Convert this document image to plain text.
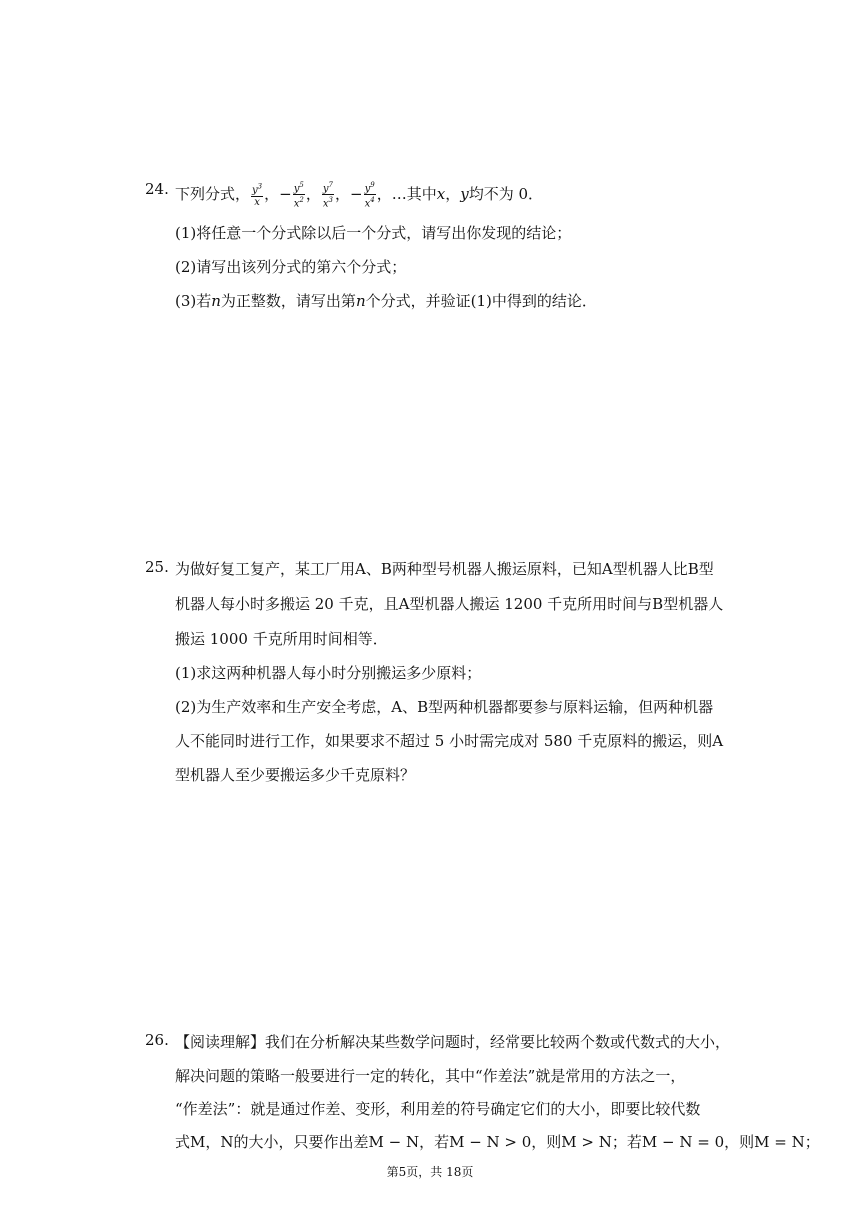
24. 下列分式， $\frac{y^3}{x}$ ，− $\frac{y^5}{x^2}$ ， $\frac{y^7}{x^3}$ ，− $\frac{y^9}{x^4}$ ，…其中x，y均不为 0．
(1)将任意一个分式除以后一个分式，请写出你发现的结论；
(2)请写出该列分式的第六个分式；
(3)若n为正整数，请写出第n个分式，并验证(1)中得到的结论．
25. 为做好复工复产，某工厂用A、B两种型号机器人搬运原料，已知A型机器人比B型
机器人每小时多搬运 20 千克，且A型机器人搬运 1200 千克所用时间与B型机器人
搬运 1000 千克所用时间相等．
(1)求这两种机器人每小时分别搬运多少原料；
(2)为生产效率和生产安全考虑，A、B型两种机器都要参与原料运输，但两种机器
人不能同时进行工作，如果要求不超过 5 小时需完成对 580 千克原料的搬运，则A
型机器人至少要搬运多少千克原料？
26. 【阅读理解】我们在分析解决某些数学问题时，经常要比较两个数或代数式的大小，
解决问题的策略一般要进行一定的转化，其中“作差法”就是常用的方法之一，
“作差法”：就是通过作差、变形，利用差的符号确定它们的大小，即要比较代数
式M，N的大小，只要作出差M − N，若M − N > 0，则M > N；若M − N = 0，则M = N；
第5页，共 18页
